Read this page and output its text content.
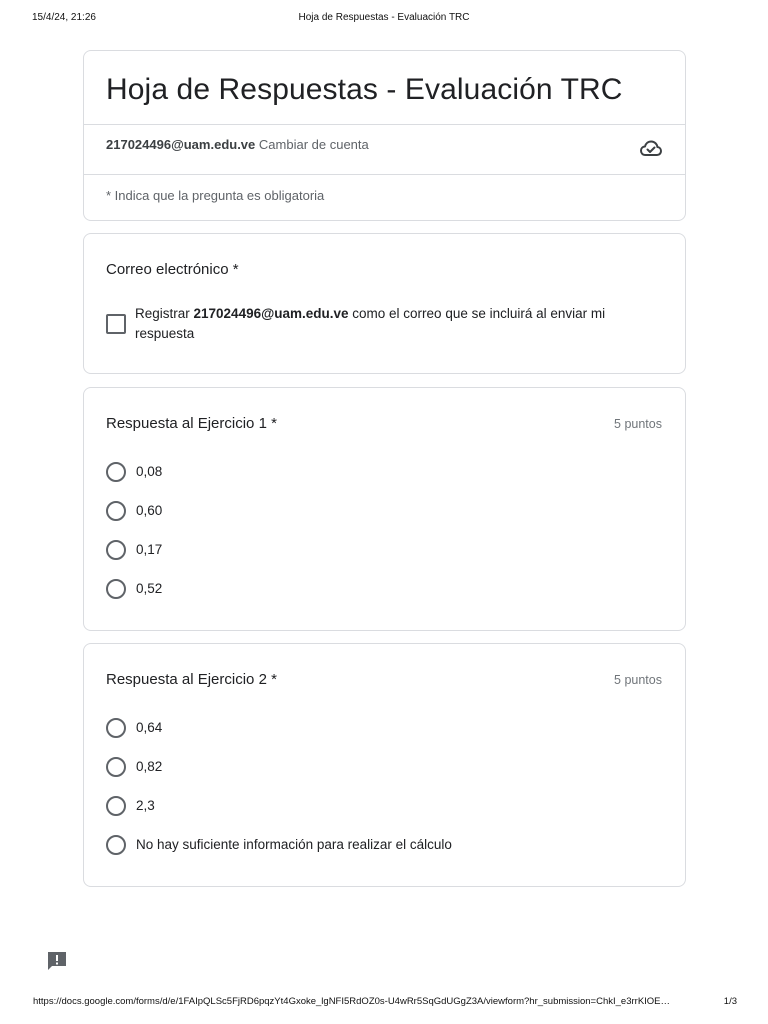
15/4/24, 21:26	Hoja de Respuestas - Evaluación TRC
Hoja de Respuestas - Evaluación TRC
217024496@uam.edu.ve Cambiar de cuenta
* Indica que la pregunta es obligatoria
Correo electrónico *
Registrar 217024496@uam.edu.ve como el correo que se incluirá al enviar mi respuesta
Respuesta al Ejercicio 1 *	5 puntos
0,08
0,60
0,17
0,52
Respuesta al Ejercicio 2 *	5 puntos
0,64
0,82
2,3
No hay suficiente información para realizar el cálculo
https://docs.google.com/forms/d/e/1FAIpQLSc5FjRD6pqzYt4Gxoke_lgNFI5RdOZ0s-U4wRr5SqGdUGgZ3A/viewform?hr_submission=ChkI_e3rrKIOE…	1/3
